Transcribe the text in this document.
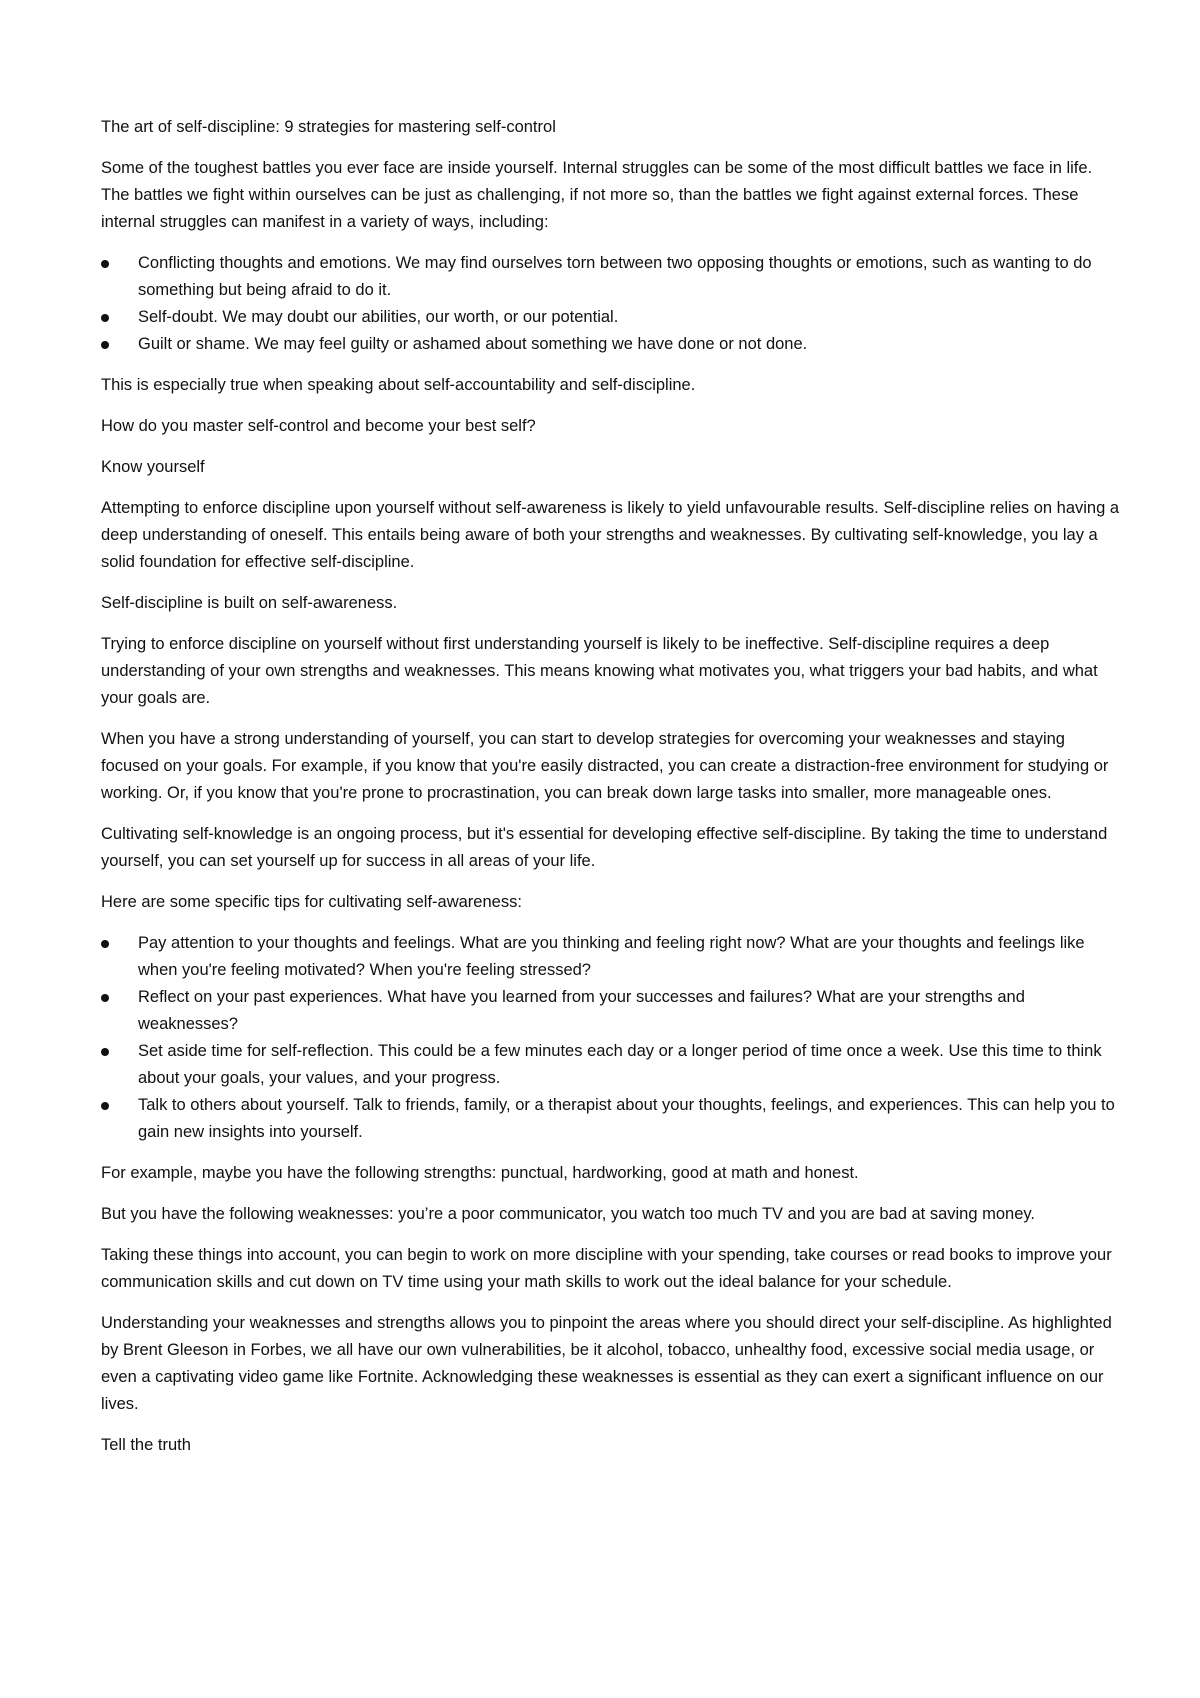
The art of self-discipline: 9 strategies for mastering self-control

Some of the toughest battles you ever face are inside yourself. Internal struggles can be some of the most difficult battles we face in life. The battles we fight within ourselves can be just as challenging, if not more so, than the battles we fight against external forces. These internal struggles can manifest in a variety of ways, including:

Conflicting thoughts and emotions. We may find ourselves torn between two opposing thoughts or emotions, such as wanting to do something but being afraid to do it.
Self-doubt. We may doubt our abilities, our worth, or our potential.
Guilt or shame. We may feel guilty or ashamed about something we have done or not done.

This is especially true when speaking about self-accountability and self-discipline.

How do you master self-control and become your best self?

Know yourself

Attempting to enforce discipline upon yourself without self-awareness is likely to yield unfavourable results. Self-discipline relies on having a deep understanding of oneself. This entails being aware of both your strengths and weaknesses. By cultivating self-knowledge, you lay a solid foundation for effective self-discipline.

Self-discipline is built on self-awareness.

Trying to enforce discipline on yourself without first understanding yourself is likely to be ineffective. Self-discipline requires a deep understanding of your own strengths and weaknesses. This means knowing what motivates you, what triggers your bad habits, and what your goals are.

When you have a strong understanding of yourself, you can start to develop strategies for overcoming your weaknesses and staying focused on your goals. For example, if you know that you're easily distracted, you can create a distraction-free environment for studying or working. Or, if you know that you're prone to procrastination, you can break down large tasks into smaller, more manageable ones.

Cultivating self-knowledge is an ongoing process, but it's essential for developing effective self-discipline. By taking the time to understand yourself, you can set yourself up for success in all areas of your life.

Here are some specific tips for cultivating self-awareness:

Pay attention to your thoughts and feelings. What are you thinking and feeling right now? What are your thoughts and feelings like when you're feeling motivated? When you're feeling stressed?
Reflect on your past experiences. What have you learned from your successes and failures? What are your strengths and weaknesses?
Set aside time for self-reflection. This could be a few minutes each day or a longer period of time once a week. Use this time to think about your goals, your values, and your progress.
Talk to others about yourself. Talk to friends, family, or a therapist about your thoughts, feelings, and experiences. This can help you to gain new insights into yourself.

For example, maybe you have the following strengths: punctual, hardworking, good at math and honest.

But you have the following weaknesses: you’re a poor communicator, you watch too much TV and you are bad at saving money.

Taking these things into account, you can begin to work on more discipline with your spending, take courses or read books to improve your communication skills and cut down on TV time using your math skills to work out the ideal balance for your schedule.

Understanding your weaknesses and strengths allows you to pinpoint the areas where you should direct your self-discipline. As highlighted by Brent Gleeson in Forbes, we all have our own vulnerabilities, be it alcohol, tobacco, unhealthy food, excessive social media usage, or even a captivating video game like Fortnite. Acknowledging these weaknesses is essential as they can exert a significant influence on our lives.

Tell the truth
